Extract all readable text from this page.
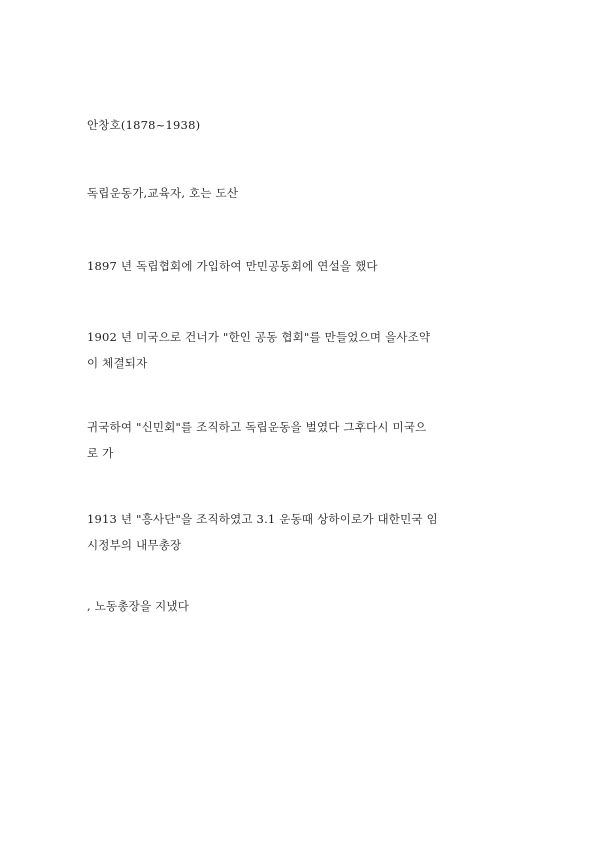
안창호(1878~1938)
독립운동가,교육자, 호는 도산
1897 년 독립협회에 가입하여 만민공동회에 연설을 했다
1902 년 미국으로 건너가 "한인 공동 협회"를 만들었으며 을사조약
이 체결되자
귀국하여 "신민회"를 조직하고 독립운동을 벌였다 그후다시 미국으
로 가
1913 년 "흥사단"을 조직하였고 3.1 운동때 상하이로가 대한민국 임
시정부의 내무총장
, 노동총장을 지냈다
